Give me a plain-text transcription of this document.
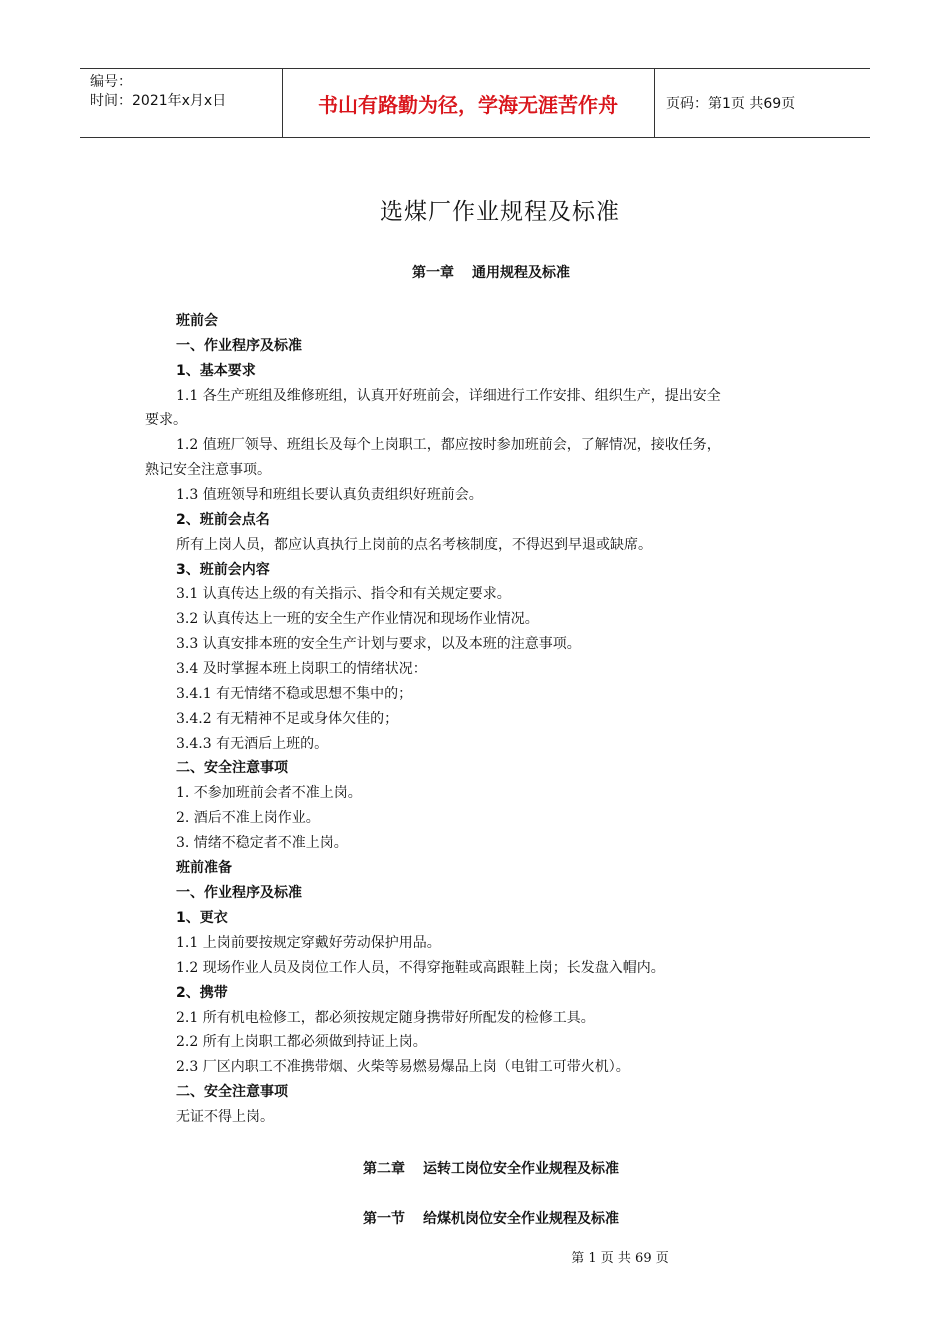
编号：
时间：2021年x月x日	书山有路勤为径，学海无涯苦作舟	页码：第1页 共69页
选煤厂作业规程及标准
第一章 通用规程及标准
班前会
一、作业程序及标准
1、基本要求
1.1 各生产班组及维修班组，认真开好班前会，详细进行工作安排、组织生产，提出安全
要求。
1.2 值班厂领导、班组长及每个上岗职工，都应按时参加班前会，了解情况，接收任务，
熟记安全注意事项。
1.3 值班领导和班组长要认真负责组织好班前会。
2、班前会点名
所有上岗人员，都应认真执行上岗前的点名考核制度，不得迟到早退或缺席。
3、班前会内容
3.1 认真传达上级的有关指示、指令和有关规定要求。
3.2 认真传达上一班的安全生产作业情况和现场作业情况。
3.3 认真安排本班的安全生产计划与要求，以及本班的注意事项。
3.4 及时掌握本班上岗职工的情绪状况：
3.4.1 有无情绪不稳或思想不集中的；
3.4.2 有无精神不足或身体欠佳的；
3.4.3 有无酒后上班的。
二、安全注意事项
1. 不参加班前会者不准上岗。
2. 酒后不准上岗作业。
3. 情绪不稳定者不准上岗。
班前准备
一、作业程序及标准
1、更衣
1.1 上岗前要按规定穿戴好劳动保护用品。
1.2 现场作业人员及岗位工作人员，不得穿拖鞋或高跟鞋上岗；长发盘入帽内。
2、携带
2.1 所有机电检修工，都必须按规定随身携带好所配发的检修工具。
2.2 所有上岗职工都必须做到持证上岗。
2.3 厂区内职工不准携带烟、火柴等易燃易爆品上岗（电钳工可带火机）。
二、安全注意事项
无证不得上岗。
第二章 运转工岗位安全作业规程及标准
第一节 给煤机岗位安全作业规程及标准
第 1 页 共 69 页
